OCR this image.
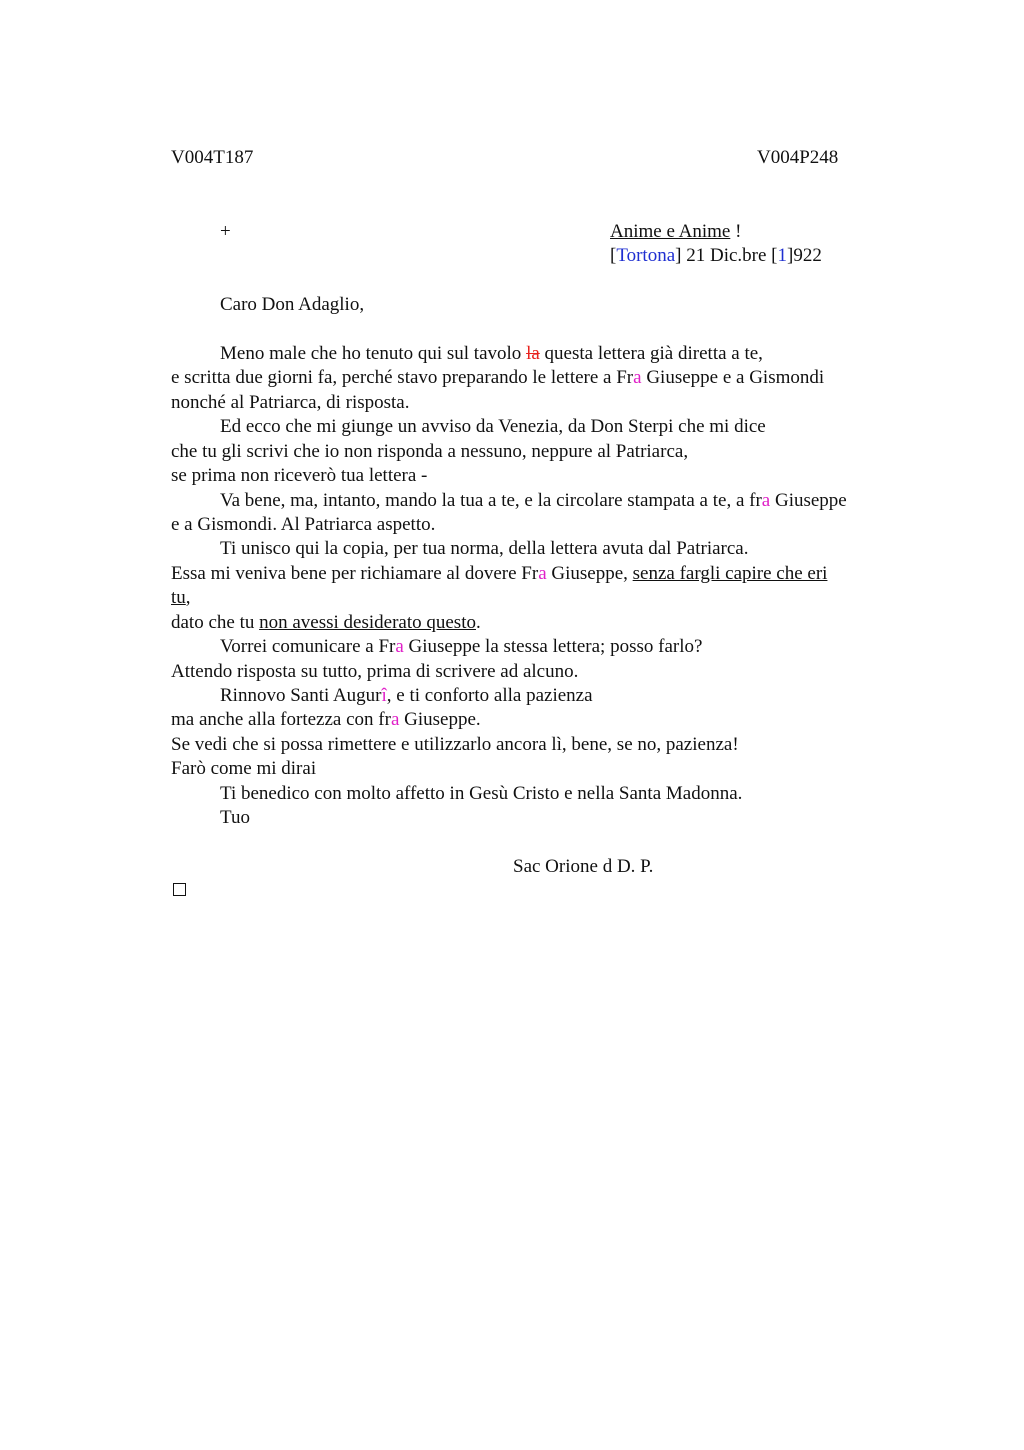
V004T187	V004P248
+	Anime e Anime !
[Tortona] 21 Dic.bre [1]922
Caro Don Adaglio,
Meno male che ho tenuto qui sul tavolo la questa lettera già diretta a te,
e scritta due giorni fa, perché stavo preparando le lettere a Fra Giuseppe e a Gismondi
nonché al Patriarca, di risposta.
Ed ecco che mi giunge un avviso da Venezia, da Don Sterpi che mi dice
che tu gli scrivi che io non risponda a nessuno, neppure al Patriarca,
se prima non riceverò tua lettera -
Va bene, ma, intanto, mando la tua a te, e la circolare stampata a te, a fra Giuseppe
e a Gismondi. Al Patriarca aspetto.
Ti unisco qui la copia, per tua norma, della lettera avuta dal Patriarca.
Essa mi veniva bene per richiamare al dovere Fra Giuseppe, senza fargli capire che eri
tu,
dato che tu non avessi desiderato questo.
Vorrei comunicare a Fra Giuseppe la stessa lettera; posso farlo?
Attendo risposta su tutto, prima di scrivere ad alcuno.
Rinnovo Santi Augurî, e ti conforto alla pazienza
ma anche alla fortezza con fra Giuseppe.
Se vedi che si possa rimettere e utilizzarlo ancora lì, bene, se no, pazienza!
Farò come mi dirai
Ti benedico con molto affetto in Gesù Cristo e nella Santa Madonna.
Tuo
Sac Orione d D. P.
